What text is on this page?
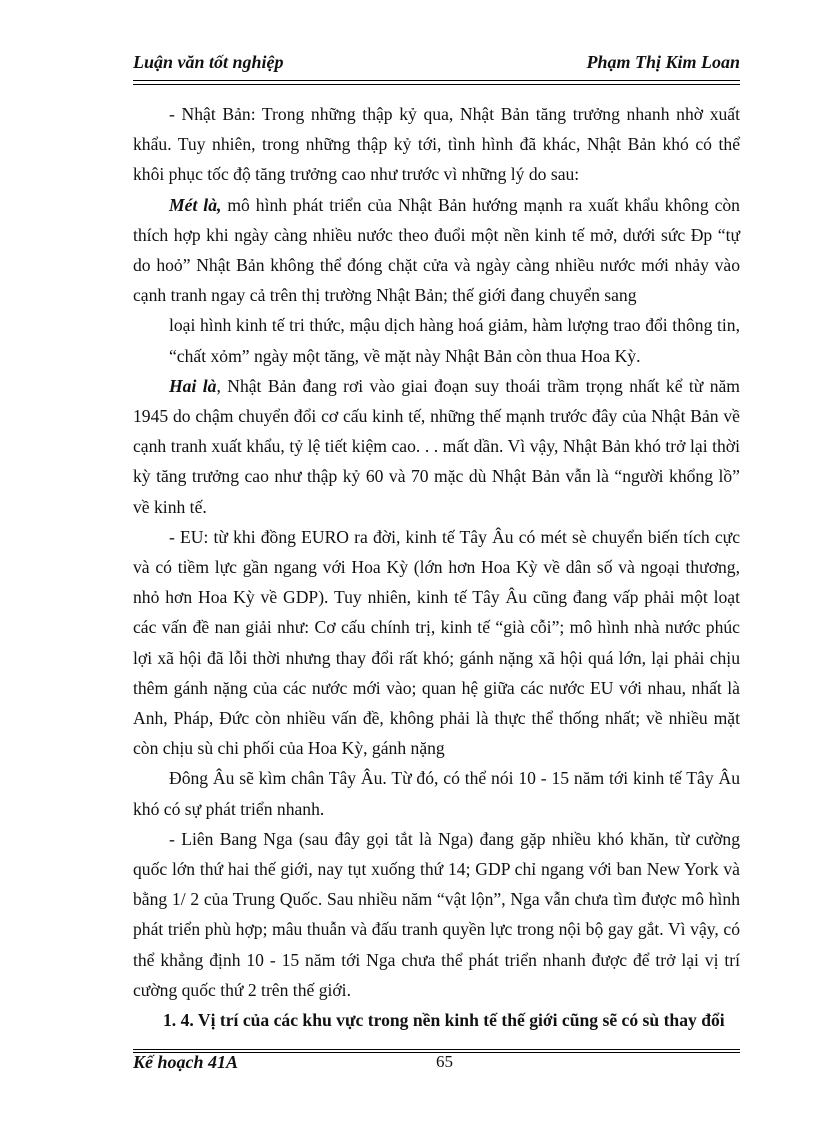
Luận văn tốt nghiệp	Phạm Thị Kim Loan

- Nhật Bản: Trong những thập kỷ qua, Nhật Bản tăng trưởng nhanh nhờ xuất khẩu. Tuy nhiên, trong những thập kỷ tới, tình hình đã khác, Nhật Bản khó có thể khôi phục tốc độ tăng trưởng cao như trước vì những lý do sau:

Mét là, mô hình phát triển của Nhật Bản hướng mạnh ra xuất khẩu không còn thích hợp khi ngày càng nhiều nước theo đuổi một nền kinh tế mở, dưới sức Đp “tự do hoỏ” Nhật Bản không thể đóng chặt cửa và ngày càng nhiều nước mới nhảy vào cạnh tranh ngay cả trên thị trường Nhật Bản; thế giới đang chuyển sang

loại hình kinh tế tri thức, mậu dịch hàng hoá giảm, hàm lượng trao đổi thông tin, “chất xỏm” ngày một tăng, về mặt này Nhật Bản còn thua Hoa Kỳ.

Hai là, Nhật Bản đang rơi vào giai đoạn suy thoái trầm trọng nhất kể từ năm 1945 do chậm chuyển đổi cơ cấu kinh tế, những thế mạnh trước đây của Nhật Bản về cạnh tranh xuất khẩu, tỷ lệ tiết kiệm cao. . . mất dần. Vì vậy, Nhật Bản khó trở lại thời kỳ tăng trưởng cao như thập kỷ 60 và 70 mặc dù Nhật Bản vẫn là “người khổng lồ” về kinh tế.

- EU: từ khi đồng EURO ra đời, kinh tế Tây Âu có mét sè chuyển biến tích cực và có tiềm lực gần ngang với Hoa Kỳ (lớn hơn Hoa Kỳ về dân số và ngoại thương, nhỏ hơn Hoa Kỳ về GDP). Tuy nhiên, kinh tế Tây Âu cũng đang vấp phải một loạt các vấn đề nan giải như: Cơ cấu chính trị, kinh tế “già cỗi”; mô hình nhà nước phúc lợi xã hội đã lỗi thời nhưng thay đổi rất khó; gánh nặng xã hội quá lớn, lại phải chịu thêm gánh nặng của các nước mới vào; quan hệ giữa các nước EU với nhau, nhất là Anh, Pháp, Đức còn nhiều vấn đề, không phải là thực thể thống nhất; về nhiều mặt còn chịu sù chi phối của Hoa Kỳ, gánh nặng

Đông Âu sẽ kìm chân Tây Âu. Từ đó, có thể nói 10 - 15 năm tới kinh tế Tây Âu khó có sự phát triển nhanh.

- Liên Bang Nga (sau đây gọi tắt là Nga) đang gặp nhiều khó khăn, từ cường quốc lớn thứ hai thế giới, nay tụt xuống thứ 14; GDP chỉ ngang với ban New York và bằng 1/ 2 của Trung Quốc. Sau nhiều năm “vật lộn”, Nga vẫn chưa tìm được mô hình phát triển phù hợp; mâu thuẫn và đấu tranh quyền lực trong nội bộ gay gắt. Vì vậy, có thể khẳng định 10 - 15 năm tới Nga chưa thể phát triển nhanh được để trở lại vị trí cường quốc thứ 2 trên thế giới.

1. 4. Vị trí của các khu vực trong nền kinh tế thế giới cũng sẽ có sù thay đổi

Kế hoạch 41A	65
